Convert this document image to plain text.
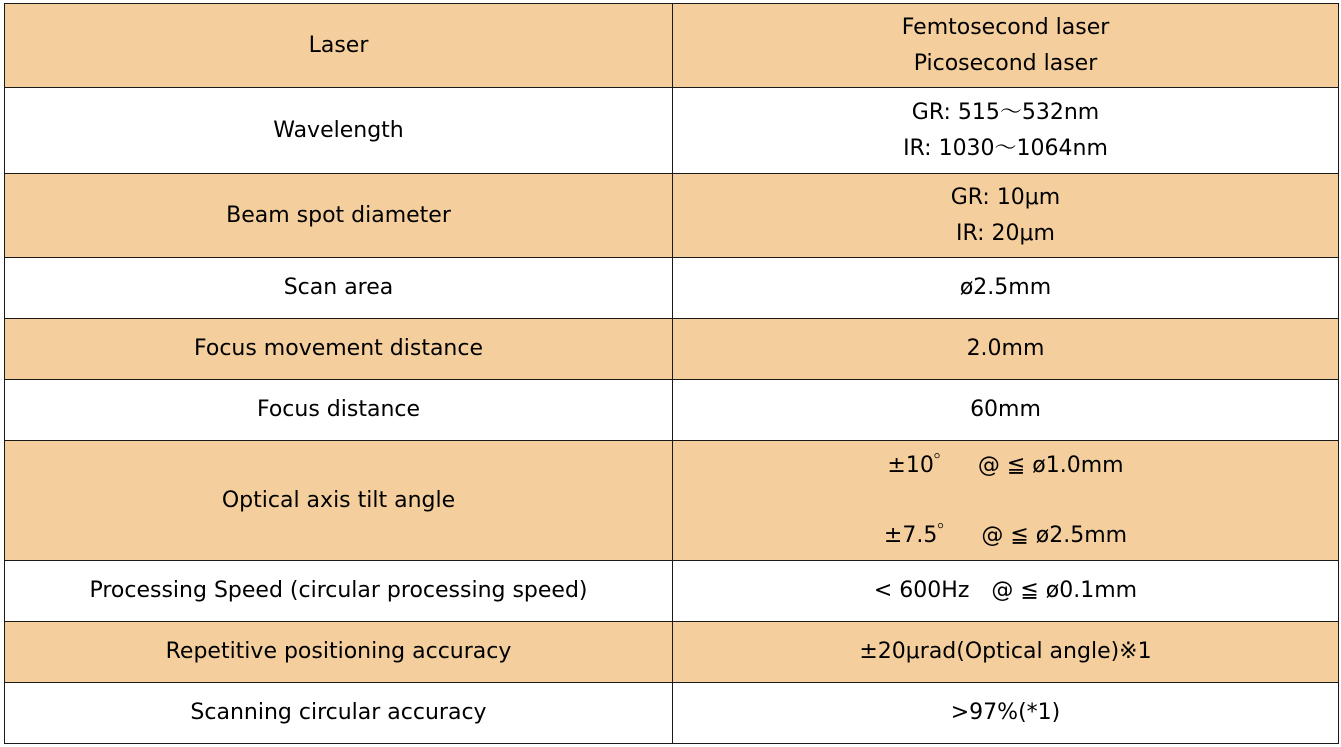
Laser	Femtosecond laser
Picosecond laser

Wavelength	GR: 515～532nm
IR: 1030～1064nm

Beam spot diameter	GR: 10μm
IR: 20μm

Scan area	ø2.5mm
Focus movement distance	2.0mm
Focus distance	60mm
Optical axis tilt angle	±10゜　@ ≦ ø1.0mm
±7.5゜　@ ≦ ø2.5mm

Processing Speed (circular processing speed)	< 600Hz　@ ≦ ø0.1mm
Repetitive positioning accuracy	±20μrad(Optical angle)※1
Scanning circular accuracy	>97%(*1)
